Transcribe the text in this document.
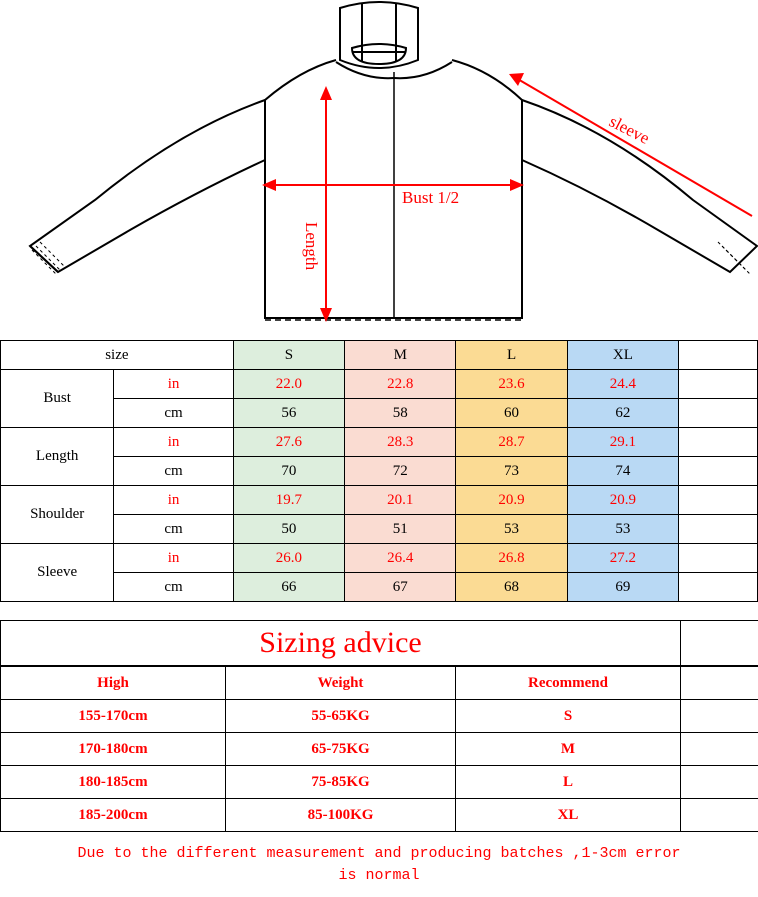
Bust 1/2
Length
sleeve
size		S	M	L	XL	
Bust	in	22.0	22.8	23.6	24.4	
	cm	56	58	60	62	
Length	in	27.6	28.3	28.7	29.1	
	cm	70	72	73	74	
Shoulder	in	19.7	20.1	20.9	20.9	
	cm	50	51	53	53	
Sleeve	in	26.0	26.4	26.8	27.2	
	cm	66	67	68	69	
Sizing advice	
High	Weight	Recommend	
155-170cm	55-65KG	S	
170-180cm	65-75KG	M	
180-185cm	75-85KG	L	
185-200cm	85-100KG	XL	
Due to the different measurement and producing batches ,1-3cm error
is normal
